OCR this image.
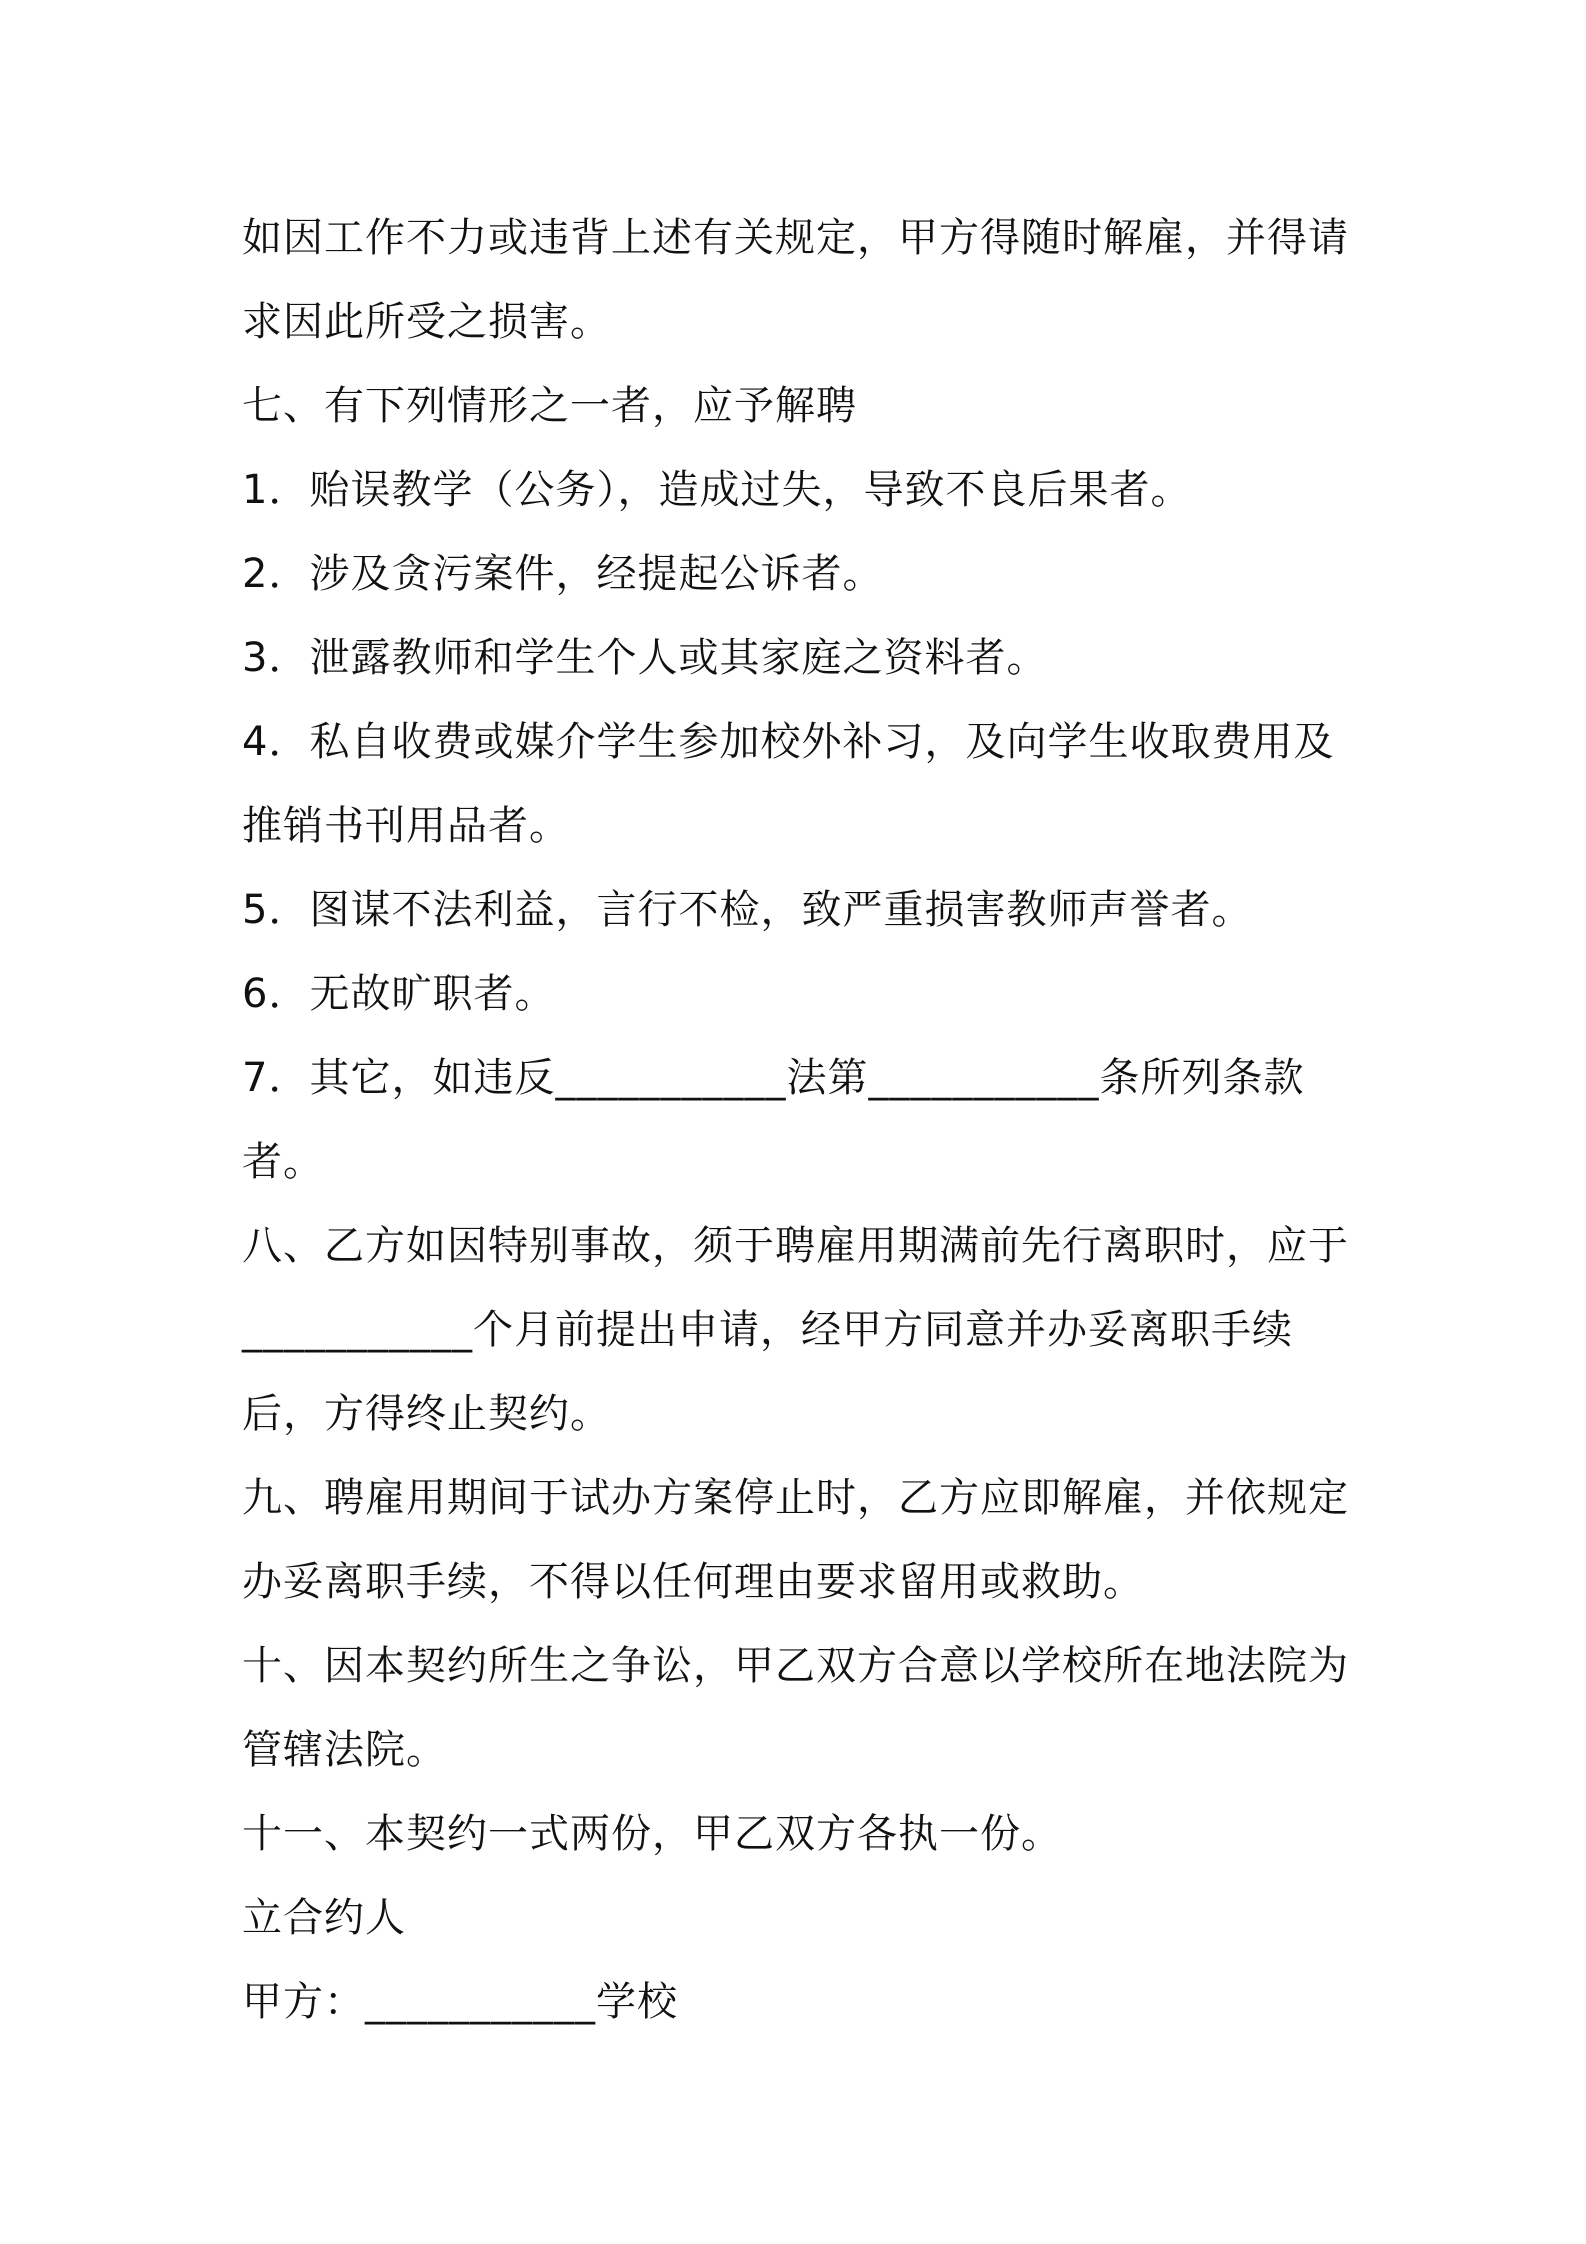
如因工作不力或违背上述有关规定，甲方得随时解雇，并得请求因此所受之损害。

七、有下列情形之一者，应予解聘

1．贻误教学（公务），造成过失，导致不良后果者。

2．涉及贪污案件，经提起公诉者。

3．泄露教师和学生个人或其家庭之资料者。

4．私自收费或媒介学生参加校外补习，及向学生收取费用及推销书刊用品者。

5．图谋不法利益，言行不检，致严重损害教师声誉者。

6．无故旷职者。

7．其它，如违反___________法第___________条所列条款者。

八、乙方如因特别事故，须于聘雇用期满前先行离职时，应于___________个月前提出申请，经甲方同意并办妥离职手续后，方得终止契约。

九、聘雇用期间于试办方案停止时，乙方应即解雇，并依规定办妥离职手续，不得以任何理由要求留用或救助。

十、因本契约所生之争讼，甲乙双方合意以学校所在地法院为管辖法院。

十一、本契约一式两份，甲乙双方各执一份。

立合约人

甲方：___________学校
